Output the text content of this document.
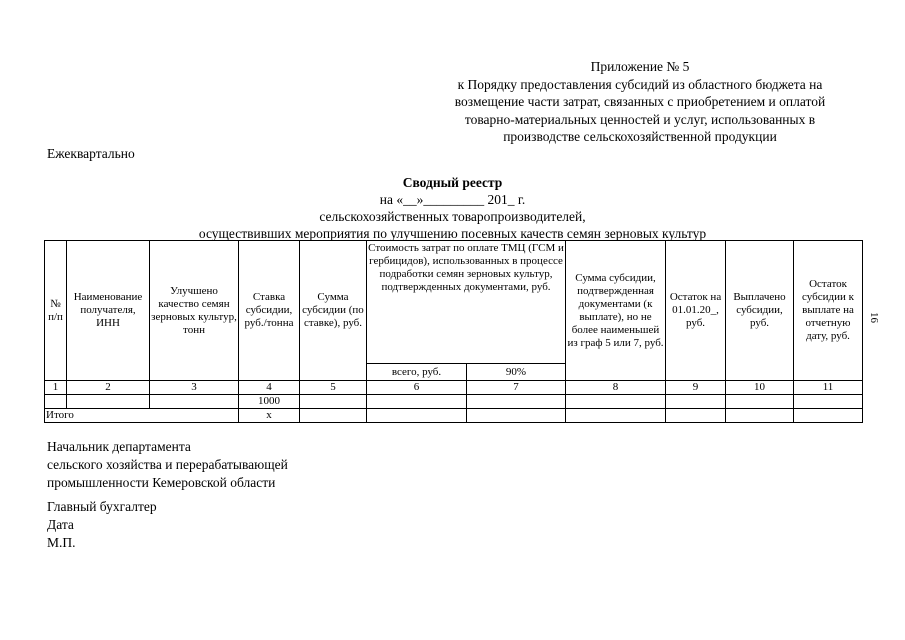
Приложение № 5
к Порядку предоставления субсидий из областного бюджета на
возмещение части затрат, связанных с приобретением и оплатой
товарно-материальных ценностей и услуг, использованных в
производстве сельскохозяйственной продукции
Ежеквартально
Сводный реестр
на «__»_________ 201_ г.
сельскохозяйственных товаропроизводителей,
осуществивших мероприятия по улучшению посевных качеств семян зерновых культур
№ п/п	Наименование получателя, ИНН	Улучшено качество семян зерновых культур, тонн	Ставка субсидии, руб./тонна	Сумма субсидии (по ставке), руб.	Стоимость затрат по оплате ТМЦ (ГСМ и гербицидов), использованных в процессе подработки семян зерновых культур, подтвержденных документами, руб.		Сумма субсидии, подтвержденная документами (к выплате), но не более наименьшей из граф 5 или 7, руб.	Остаток на 01.01.20_, руб.	Выплачено субсидии, руб.	Остаток субсидии к выплате на отчетную дату, руб.
					всего, руб.	90%				
1	2	3	4	5	6	7	8	9	10	11
			1000							
Итого			х							
Начальник департамента
сельского хозяйства и перерабатывающей
промышленности Кемеровской области
Главный бухгалтер
Дата
М.П.
16
